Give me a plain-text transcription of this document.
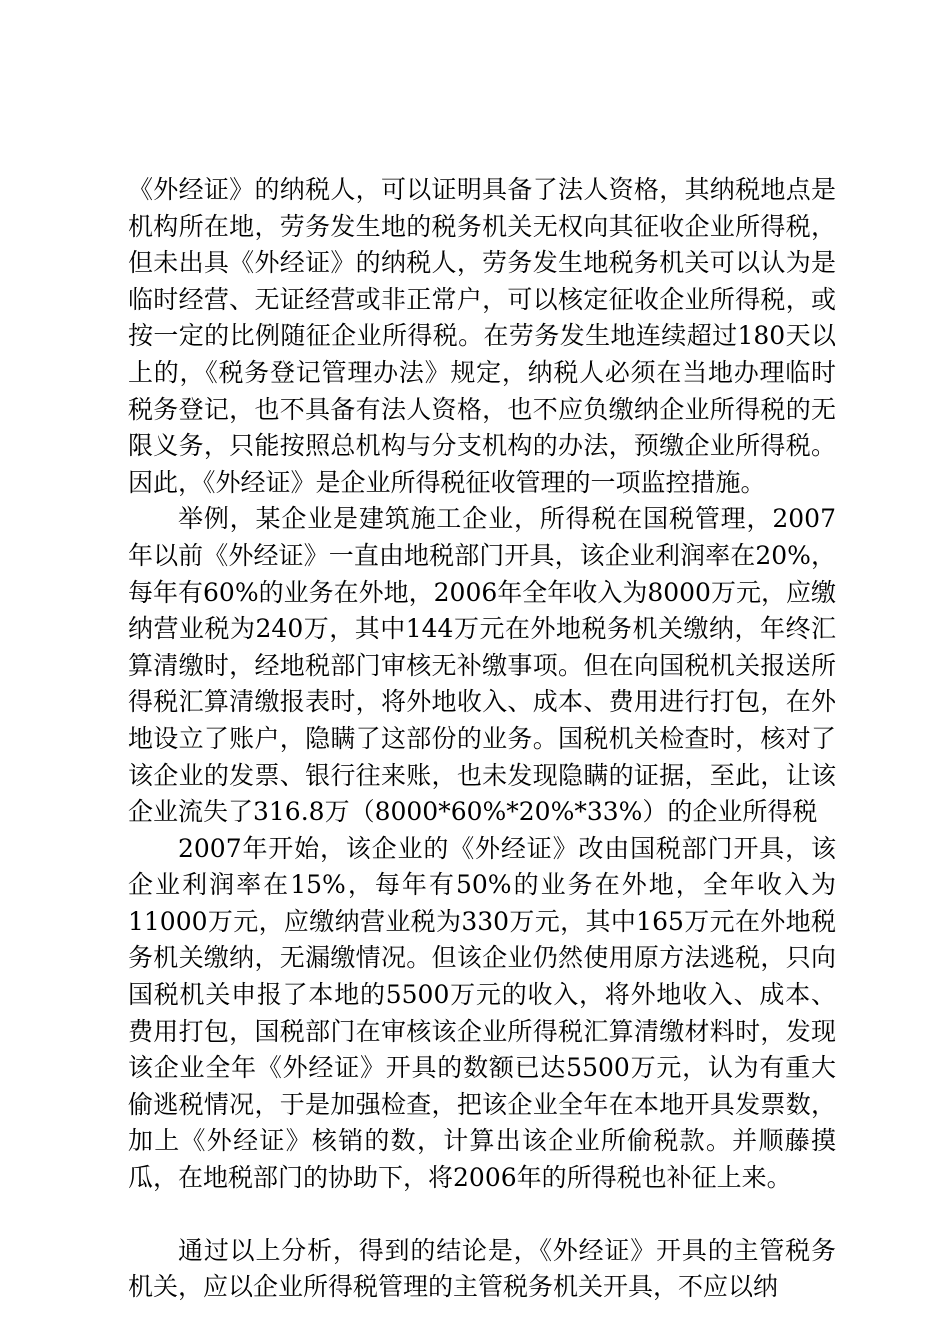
《外经证》的纳税人，可以证明具备了法人资格，其纳税地点是机构所在地，劳务发生地的税务机关无权向其征收企业所得税，但未出具《外经证》的纳税人，劳务发生地税务机关可以认为是临时经营、无证经营或非正常户，可以核定征收企业所得税，或按一定的比例随征企业所得税。在劳务发生地连续超过180天以上的，《税务登记管理办法》规定，纳税人必须在当地办理临时税务登记，也不具备有法人资格，也不应负缴纳企业所得税的无限义务，只能按照总机构与分支机构的办法，预缴企业所得税。因此，《外经证》是企业所得税征收管理的一项监控措施。

举例，某企业是建筑施工企业，所得税在国税管理，2007年以前《外经证》一直由地税部门开具，该企业利润率在20%，每年有60%的业务在外地，2006年全年收入为8000万元，应缴纳营业税为240万，其中144万元在外地税务机关缴纳，年终汇算清缴时，经地税部门审核无补缴事项。但在向国税机关报送所得税汇算清缴报表时，将外地收入、成本、费用进行打包，在外地设立了账户，隐瞒了这部份的业务。国税机关检查时，核对了该企业的发票、银行往来账，也未发现隐瞒的证据，至此，让该企业流失了316.8万（8000*60%*20%*33%）的企业所得税

2007年开始，该企业的《外经证》改由国税部门开具，该企业利润率在15%，每年有50%的业务在外地，全年收入为11000万元，应缴纳营业税为330万元，其中165万元在外地税务机关缴纳，无漏缴情况。但该企业仍然使用原方法逃税，只向国税机关申报了本地的5500万元的收入，将外地收入、成本、费用打包，国税部门在审核该企业所得税汇算清缴材料时，发现该企业全年《外经证》开具的数额已达5500万元，认为有重大偷逃税情况，于是加强检查，把该企业全年在本地开具发票数，加上《外经证》核销的数，计算出该企业所偷税款。并顺藤摸瓜，在地税部门的协助下，将2006年的所得税也补征上来。

通过以上分析，得到的结论是，《外经证》开具的主管税务机关，应以企业所得税管理的主管税务机关开具，不应以纳
